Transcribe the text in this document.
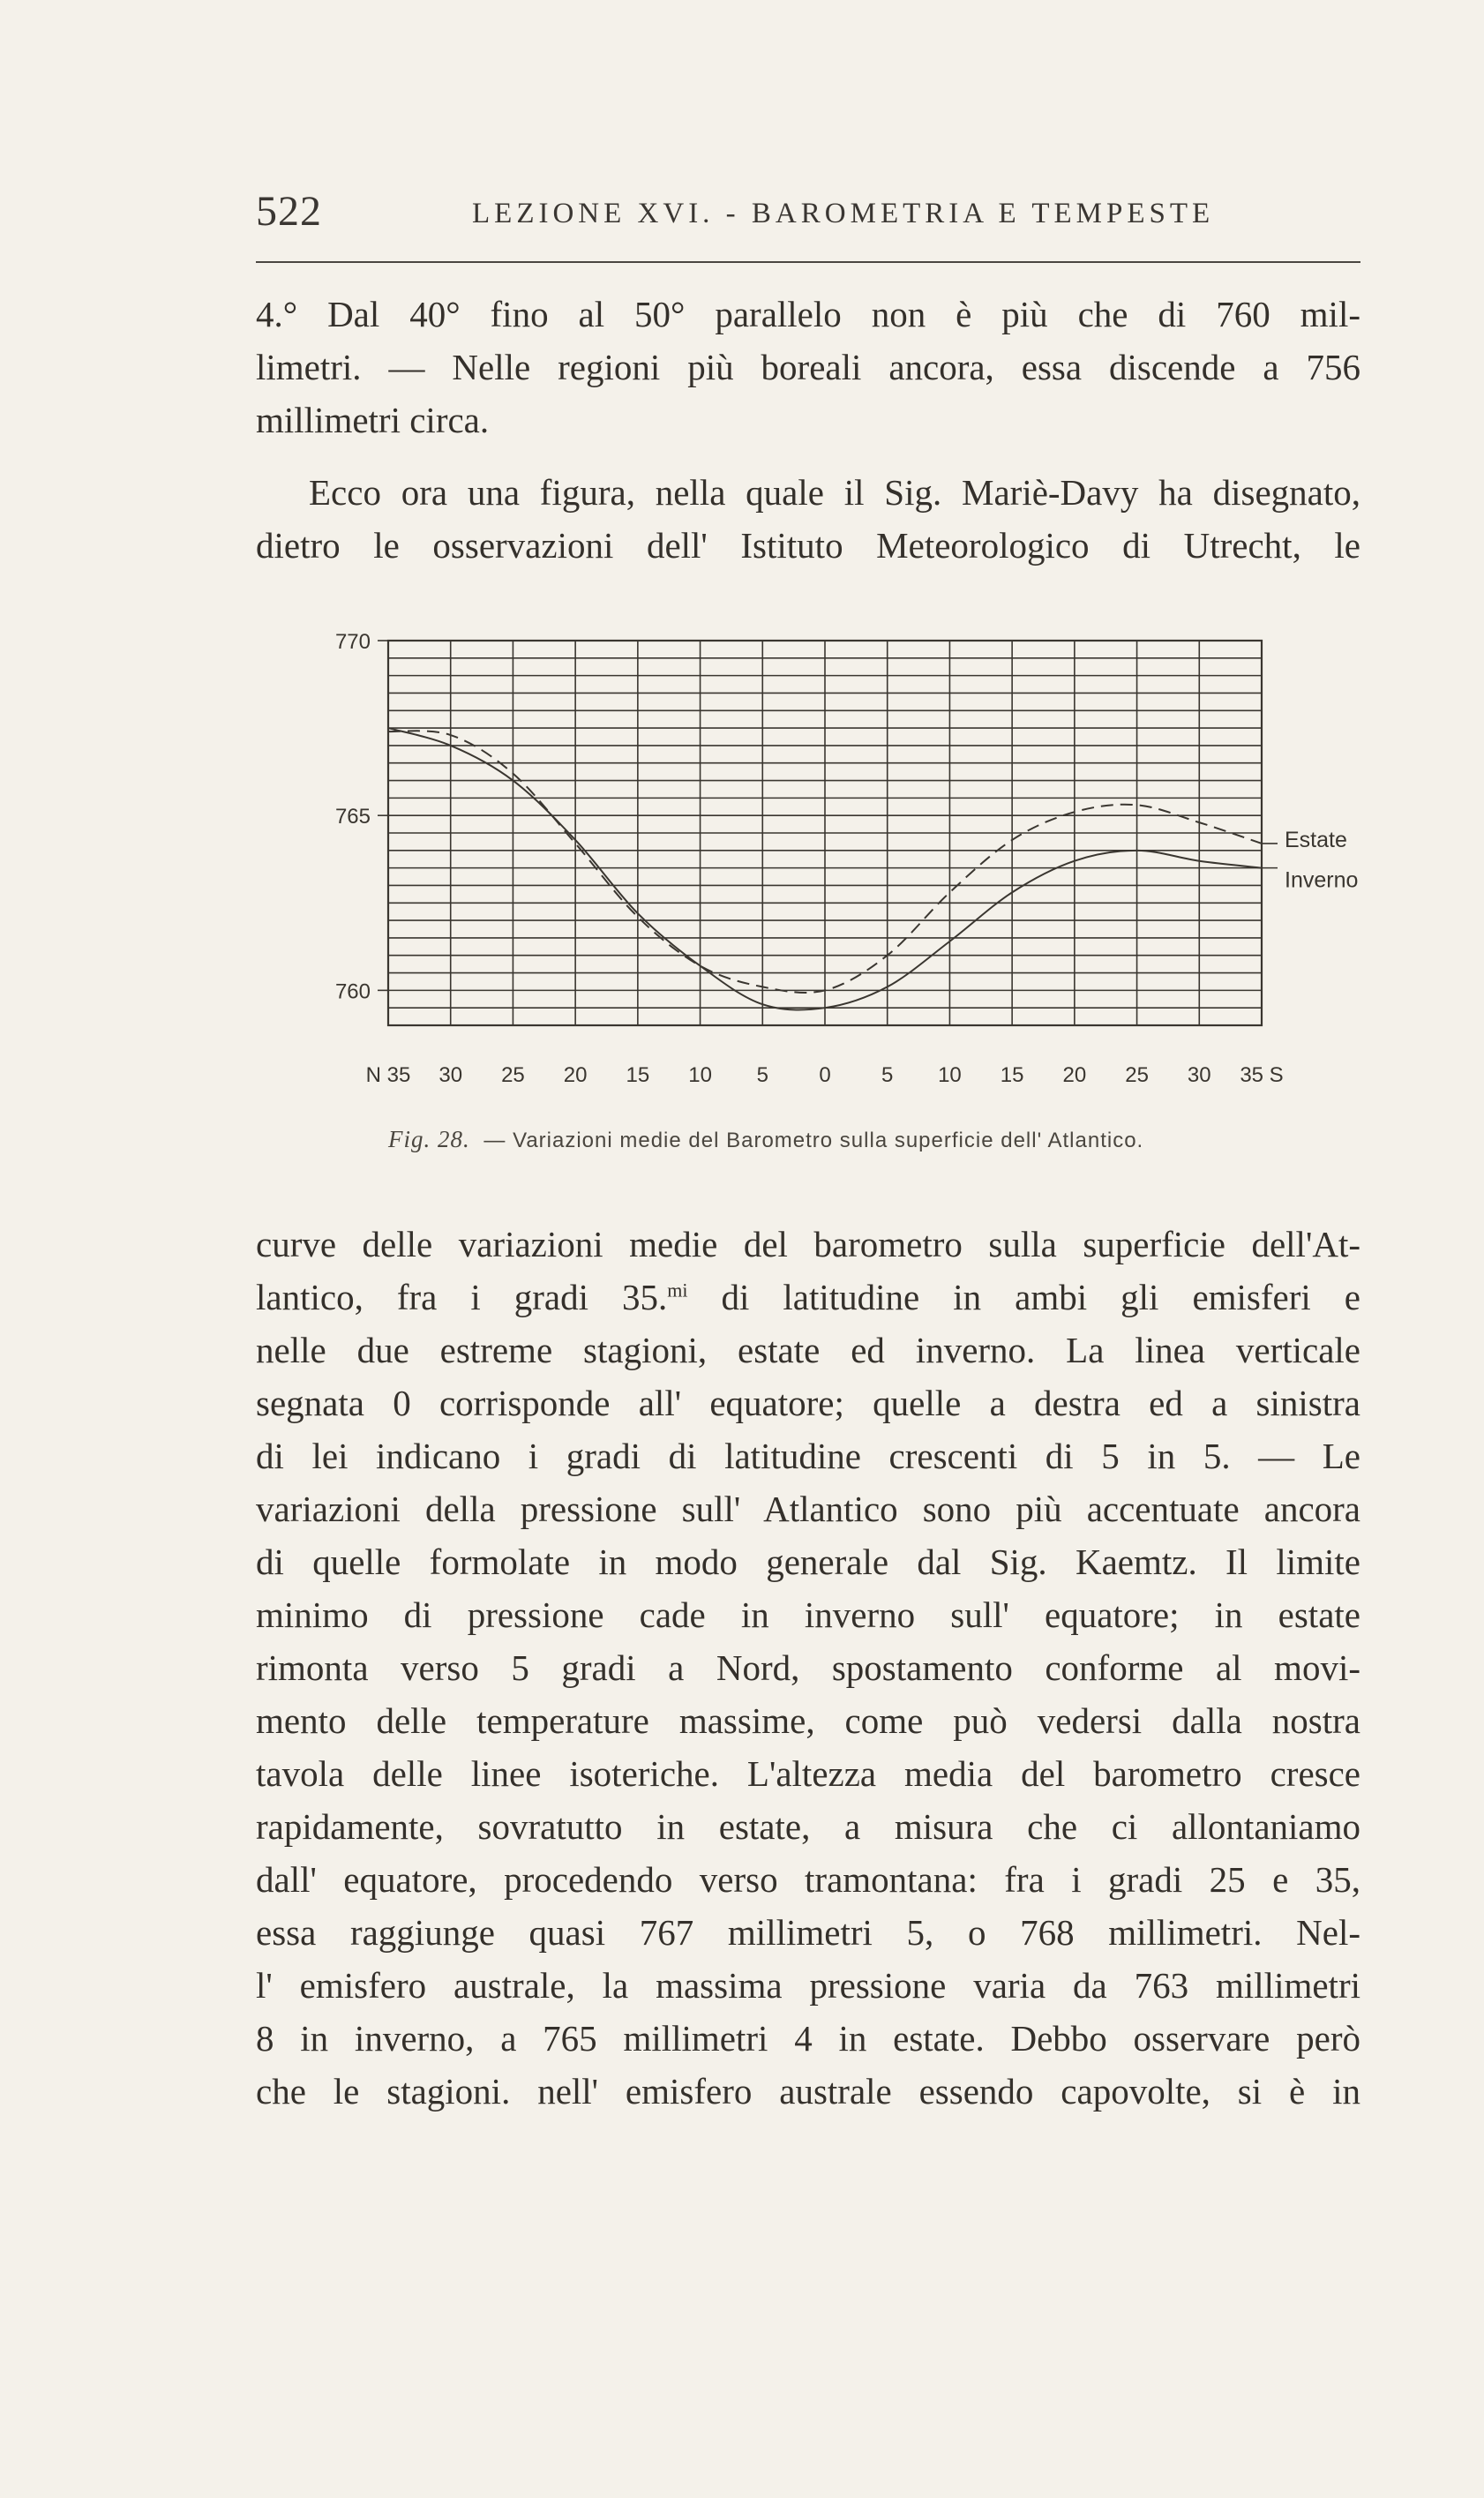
522	LEZIONE XVI. - BAROMETRIA E TEMPESTE

4.° Dal 40° fino al 50° parallelo non è più che di 760 mil-
limetri. — Nelle regioni più boreali ancora, essa discende a 756
millimetri circa.

Ecco ora una figura, nella quale il Sig. Mariè-Davy ha disegnato,
dietro le osservazioni dell' Istituto Meteorologico di Utrecht, le

770
765
760
N 35 30 25 20 15 10 5 0 5 10 15 20 25 30 35 S
Estate
Inverno
Fig. 28. — Variazioni medie del Barometro sulla superficie dell' Atlantico.

curve delle variazioni medie del barometro sulla superficie dell'At-
lantico, fra i gradi 35.$^{mi}$ di latitudine in ambi gli emisferi e
nelle due estreme stagioni, estate ed inverno. La linea verticale
segnata 0 corrisponde all' equatore; quelle a destra ed a sinistra
di lei indicano i gradi di latitudine crescenti di 5 in 5. — Le
variazioni della pressione sull' Atlantico sono più accentuate ancora
di quelle formolate in modo generale dal Sig. Kaemtz. Il limite
minimo di pressione cade in inverno sull' equatore; in estate
rimonta verso 5 gradi a Nord, spostamento conforme al movi-
mento delle temperature massime, come può vedersi dalla nostra
tavola delle linee isoteriche. L'altezza media del barometro cresce
rapidamente, sovratutto in estate, a misura che ci allontaniamo
dall' equatore, procedendo verso tramontana: fra i gradi 25 e 35,
essa raggiunge quasi 767 millimetri 5, o 768 millimetri. Nel-
l' emisfero australe, la massima pressione varia da 763 millimetri
8 in inverno, a 765 millimetri 4 in estate. Debbo osservare però
che le stagioni. nell' emisfero australe essendo capovolte, si è in
